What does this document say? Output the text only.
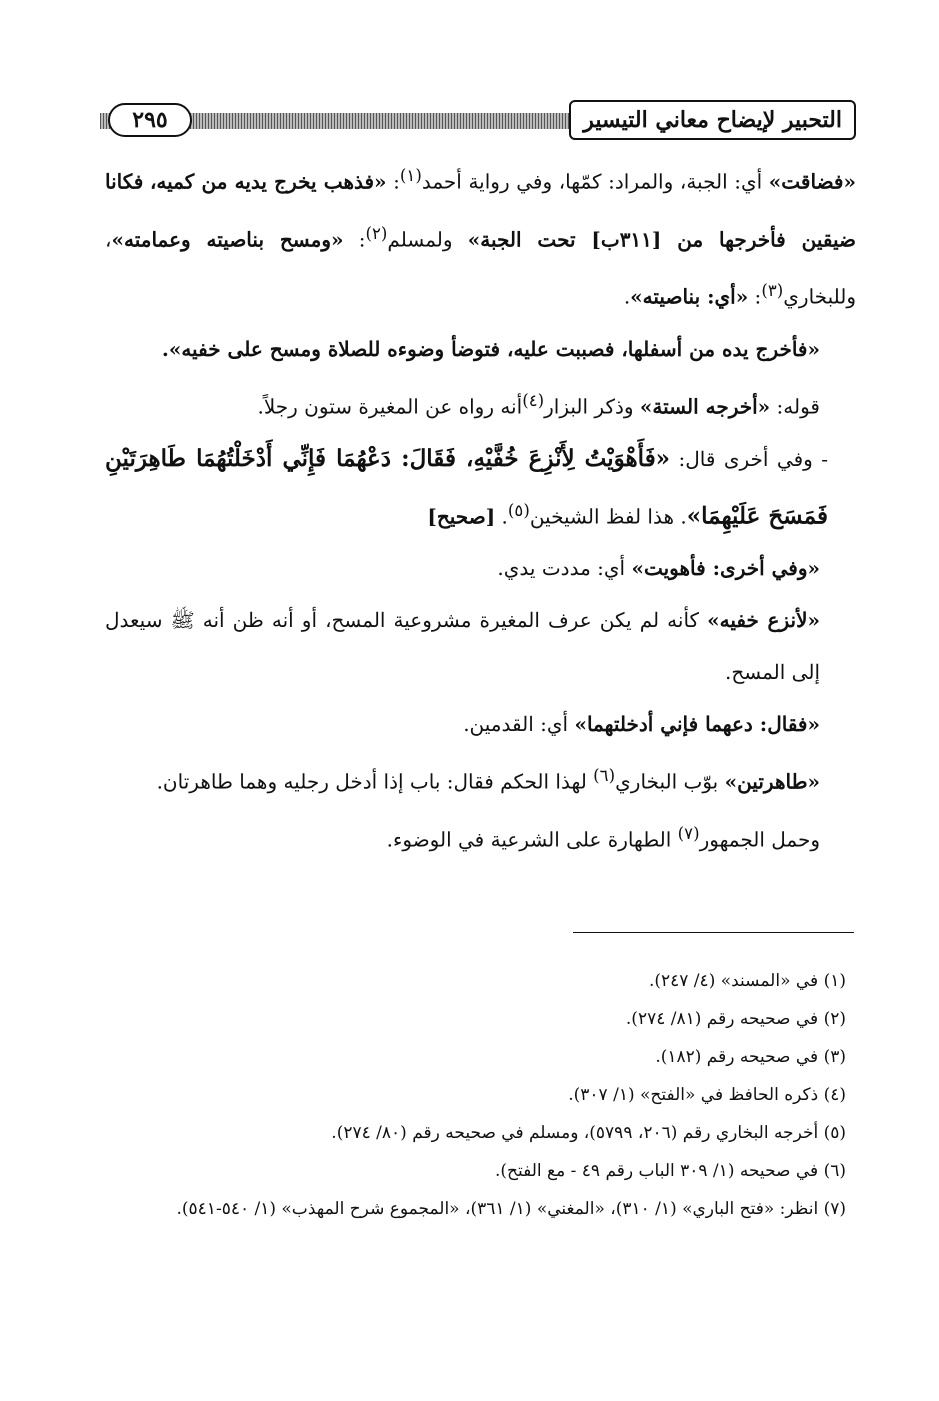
٢٩٥	التحبير لإيضاح معاني التيسير

«فضاقت» أي: الجبة، والمراد: كمّها، وفي رواية أحمد$^{(١)}$: «فذهب يخرج يديه من كميه، فكانا ضيقين فأخرجها من [٣١١ب] تحت الجبة» ولمسلم$^{(٢)}$: «ومسح بناصيته وعمامته»، وللبخاري$^{(٣)}$: «أي: بناصيته».

«فأخرج يده من أسفلها، فصببت عليه، فتوضأ وضوءه للصلاة ومسح على خفيه».

قوله: «أخرجه الستة» وذكر البزار$^{(٤)}$أنه رواه عن المغيرة ستون رجلاً.

- وفي أخرى قال: «فَأَهْوَيْتُ لِأَنْزِعَ خُفَّيْهِ، فَقَالَ: دَعْهُمَا فَإِنِّي أَدْخَلْتُهُمَا طَاهِرَتَيْنِ فَمَسَحَ عَلَيْهِمَا». هذا لفظ الشيخين$^{(٥)}$. [صحيح]

«وفي أخرى: فأهويت» أي: مددت يدي.

«لأنزع خفيه» كأنه لم يكن عرف المغيرة مشروعية المسح، أو أنه ظن أنه ﷺ سيعدل إلى المسح.

«فقال: دعهما فإني أدخلتهما» أي: القدمين.

«طاهرتين» بوّب البخاري$^{(٦)}$ لهذا الحكم فقال: باب إذا أدخل رجليه وهما طاهرتان.

وحمل الجمهور$^{(٧)}$ الطهارة على الشرعية في الوضوء.

(١) في «المسند» (٤/ ٢٤٧).
(٢) في صحيحه رقم (٨١/ ٢٧٤).
(٣) في صحيحه رقم (١٨٢).
(٤) ذكره الحافظ في «الفتح» (١/ ٣٠٧).
(٥) أخرجه البخاري رقم (٢٠٦، ٥٧٩٩)، ومسلم في صحيحه رقم (٨٠/ ٢٧٤).
(٦) في صحيحه (١/ ٣٠٩ الباب رقم ٤٩ - مع الفتح).
(٧) انظر: «فتح الباري» (١/ ٣١٠)، «المغني» (١/ ٣٦١)، «المجموع شرح المهذب» (١/ ٥٤٠-٥٤١).
